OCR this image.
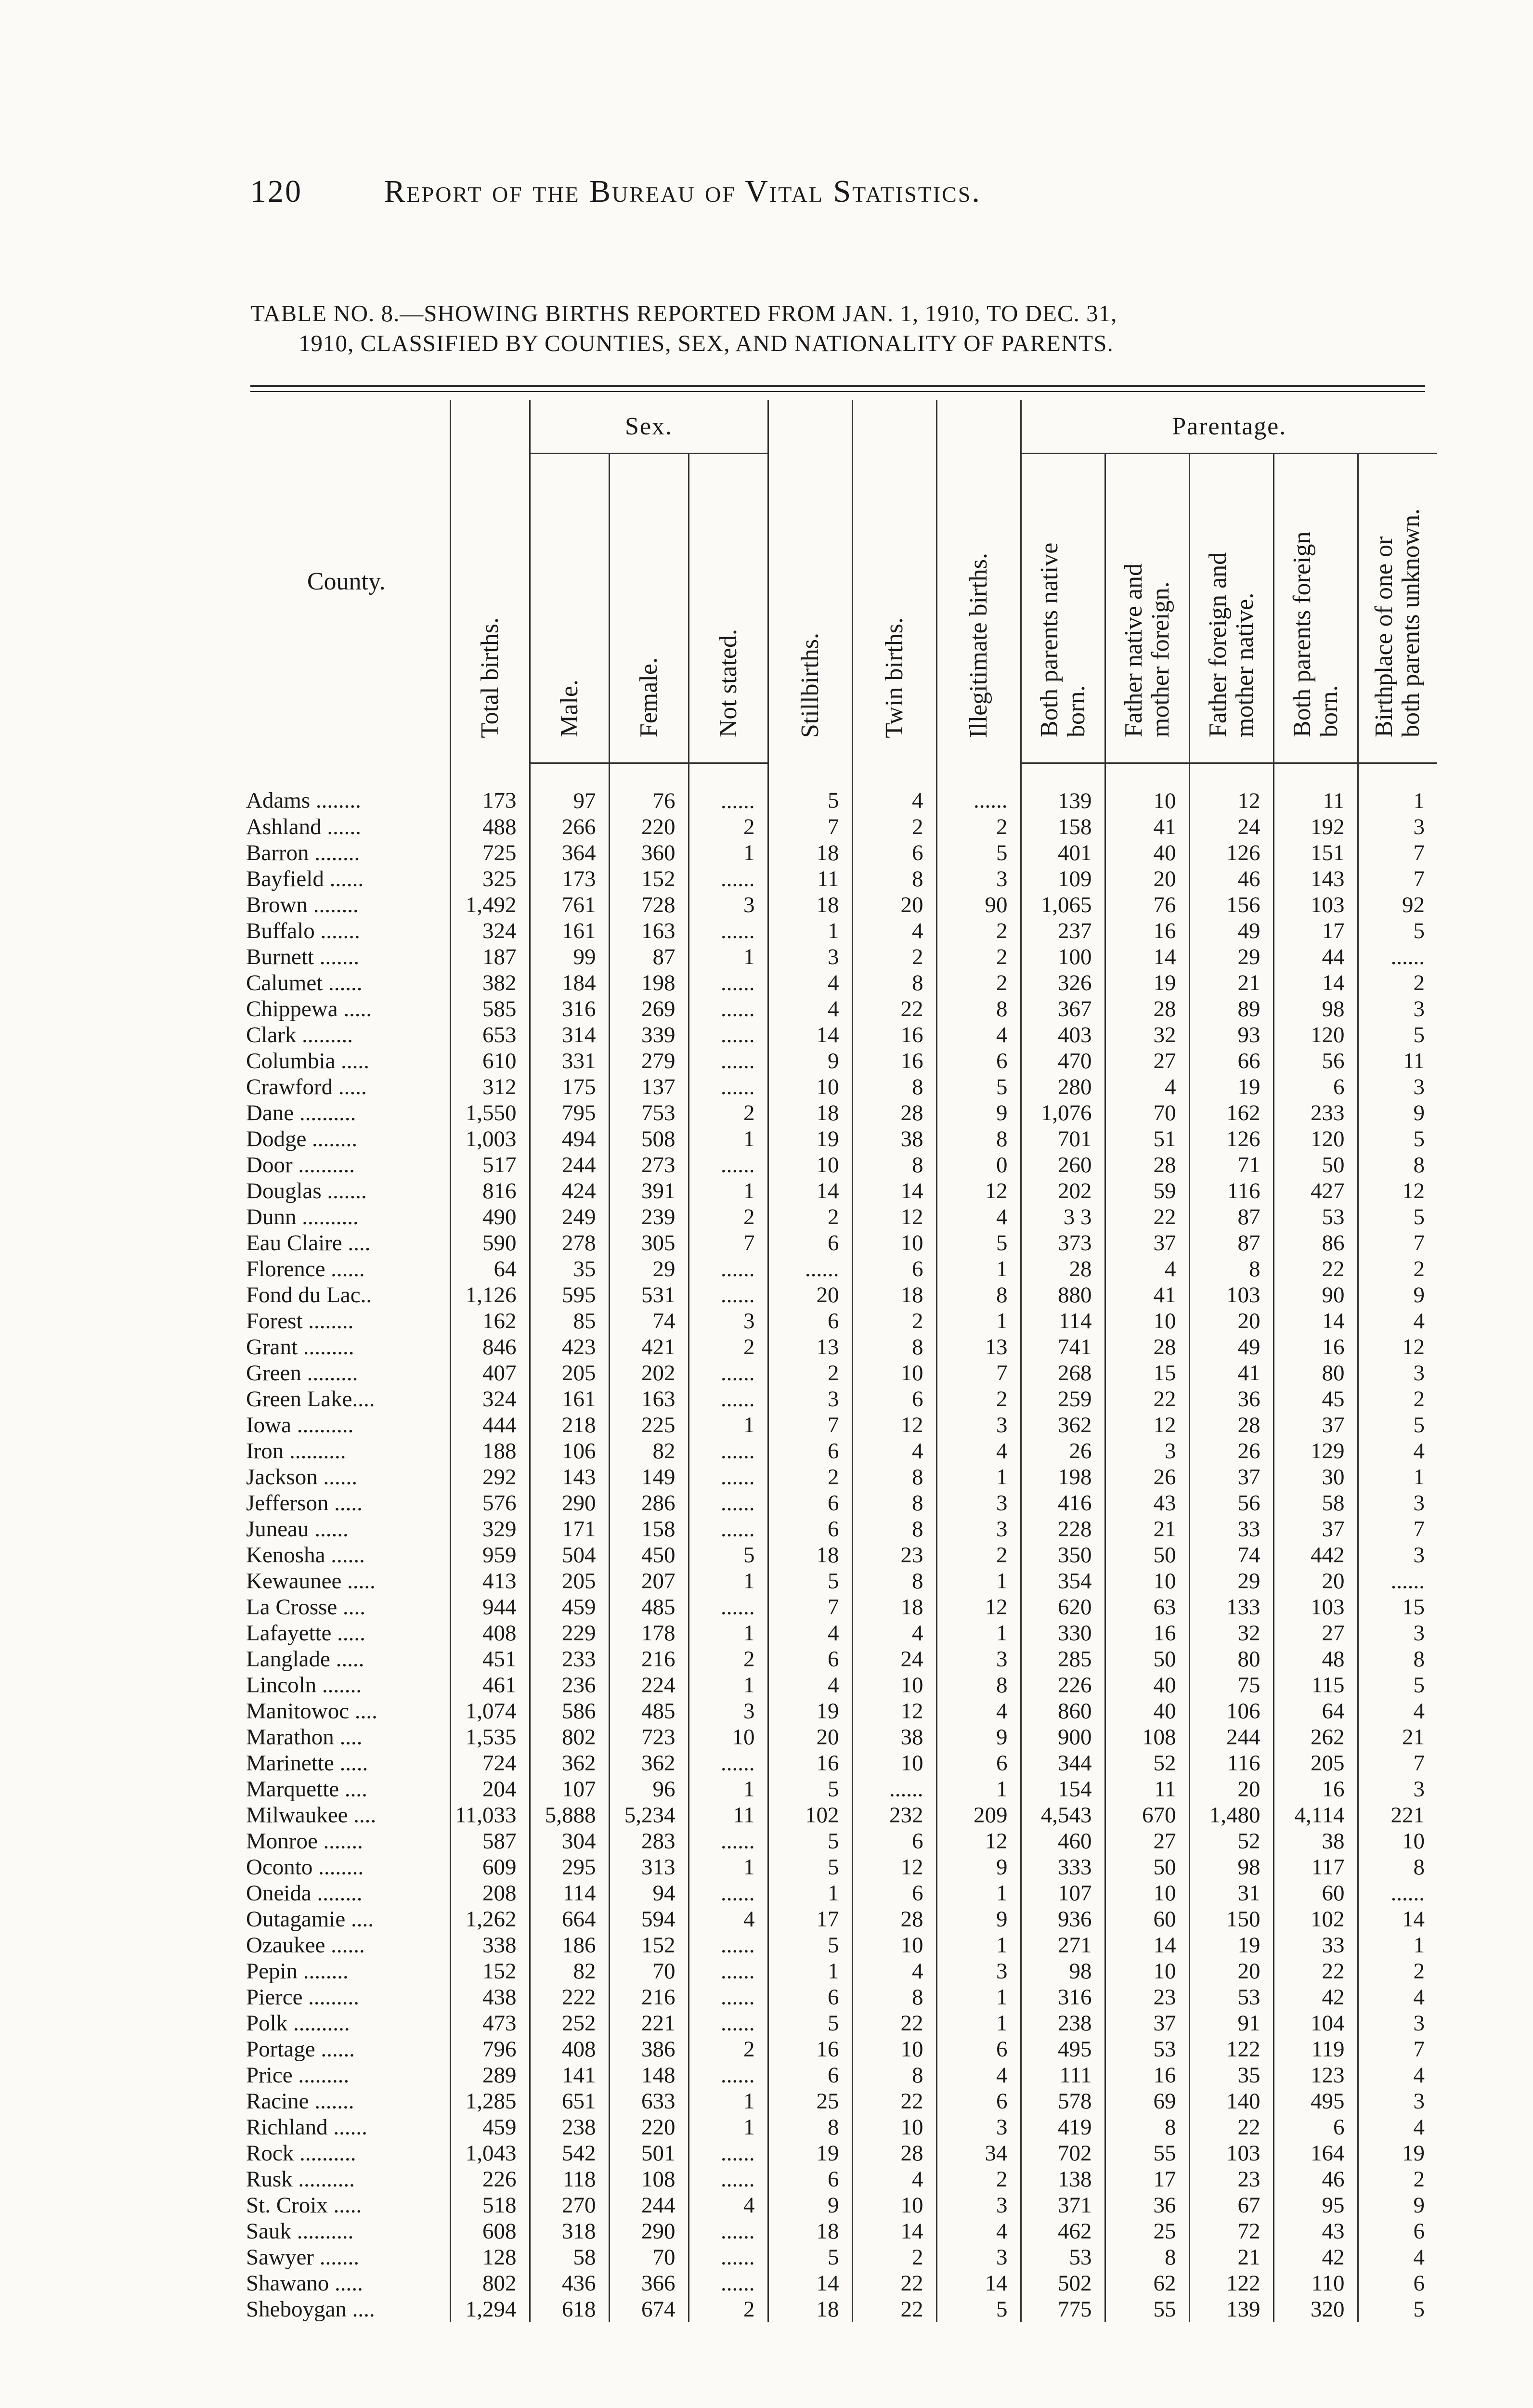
120	Report of the Bureau of Vital Statistics.
TABLE NO. 8.—SHOWING BIRTHS REPORTED FROM JAN. 1, 1910, TO DEC. 31,
1910, CLASSIFIED BY COUNTIES, SEX, AND NATIONALITY OF PARENTS.
County.	Total births.	Sex.			Stillbirths.	Twin births.	Illegitimate births.	Parentage.				
		Male.	Female.	Not stated.				Both parents native born.	Father native and mother foreign.	Father foreign and mother native.	Both parents foreign born.	Birthplace of one or both parents unknown.
Adams ........	173	97	76	......	5	4	......	139	10	12	11	1
Ashland ......	488	266	220	2	7	2	2	158	41	24	192	3
Barron ........	725	364	360	1	18	6	5	401	40	126	151	7
Bayfield ......	325	173	152	......	11	8	3	109	20	46	143	7
Brown ........	1,492	761	728	3	18	20	90	1,065	76	156	103	92
Buffalo .......	324	161	163	......	1	4	2	237	16	49	17	5
Burnett .......	187	99	87	1	3	2	2	100	14	29	44	......
Calumet ......	382	184	198	......	4	8	2	326	19	21	14	2
Chippewa .....	585	316	269	......	4	22	8	367	28	89	98	3
Clark .........	653	314	339	......	14	16	4	403	32	93	120	5
Columbia .....	610	331	279	......	9	16	6	470	27	66	56	11
Crawford .....	312	175	137	......	10	8	5	280	4	19	6	3
Dane ..........	1,550	795	753	2	18	28	9	1,076	70	162	233	9
Dodge ........	1,003	494	508	1	19	38	8	701	51	126	120	5
Door ..........	517	244	273	......	10	8	0	260	28	71	50	8
Douglas .......	816	424	391	1	14	14	12	202	59	116	427	12
Dunn ..........	490	249	239	2	2	12	4	3 3	22	87	53	5
Eau Claire ....	590	278	305	7	6	10	5	373	37	87	86	7
Florence ......	64	35	29	......	......	6	1	28	4	8	22	2
Fond du Lac..	1,126	595	531	......	20	18	8	880	41	103	90	9
Forest ........	162	85	74	3	6	2	1	114	10	20	14	4
Grant .........	846	423	421	2	13	8	13	741	28	49	16	12
Green .........	407	205	202	......	2	10	7	268	15	41	80	3
Green Lake....	324	161	163	......	3	6	2	259	22	36	45	2
Iowa ..........	444	218	225	1	7	12	3	362	12	28	37	5
Iron ..........	188	106	82	......	6	4	4	26	3	26	129	4
Jackson ......	292	143	149	......	2	8	1	198	26	37	30	1
Jefferson .....	576	290	286	......	6	8	3	416	43	56	58	3
Juneau ......	329	171	158	......	6	8	3	228	21	33	37	7
Kenosha ......	959	504	450	5	18	23	2	350	50	74	442	3
Kewaunee .....	413	205	207	1	5	8	1	354	10	29	20	......
La Crosse ....	944	459	485	......	7	18	12	620	63	133	103	15
Lafayette .....	408	229	178	1	4	4	1	330	16	32	27	3
Langlade .....	451	233	216	2	6	24	3	285	50	80	48	8
Lincoln .......	461	236	224	1	4	10	8	226	40	75	115	5
Manitowoc ....	1,074	586	485	3	19	12	4	860	40	106	64	4
Marathon ....	1,535	802	723	10	20	38	9	900	108	244	262	21
Marinette .....	724	362	362	......	16	10	6	344	52	116	205	7
Marquette ....	204	107	96	1	5	......	1	154	11	20	16	3
Milwaukee ....	11,033	5,888	5,234	11	102	232	209	4,543	670	1,480	4,114	221
Monroe .......	587	304	283	......	5	6	12	460	27	52	38	10
Oconto ........	609	295	313	1	5	12	9	333	50	98	117	8
Oneida ........	208	114	94	......	1	6	1	107	10	31	60	......
Outagamie ....	1,262	664	594	4	17	28	9	936	60	150	102	14
Ozaukee ......	338	186	152	......	5	10	1	271	14	19	33	1
Pepin ........	152	82	70	......	1	4	3	98	10	20	22	2
Pierce .........	438	222	216	......	6	8	1	316	23	53	42	4
Polk ..........	473	252	221	......	5	22	1	238	37	91	104	3
Portage ......	796	408	386	2	16	10	6	495	53	122	119	7
Price .........	289	141	148	......	6	8	4	111	16	35	123	4
Racine .......	1,285	651	633	1	25	22	6	578	69	140	495	3
Richland ......	459	238	220	1	8	10	3	419	8	22	6	4
Rock ..........	1,043	542	501	......	19	28	34	702	55	103	164	19
Rusk ..........	226	118	108	......	6	4	2	138	17	23	46	2
St. Croix .....	518	270	244	4	9	10	3	371	36	67	95	9
Sauk ..........	608	318	290	......	18	14	4	462	25	72	43	6
Sawyer .......	128	58	70	......	5	2	3	53	8	21	42	4
Shawano .....	802	436	366	......	14	22	14	502	62	122	110	6
Sheboygan ....	1,294	618	674	2	18	22	5	775	55	139	320	5
